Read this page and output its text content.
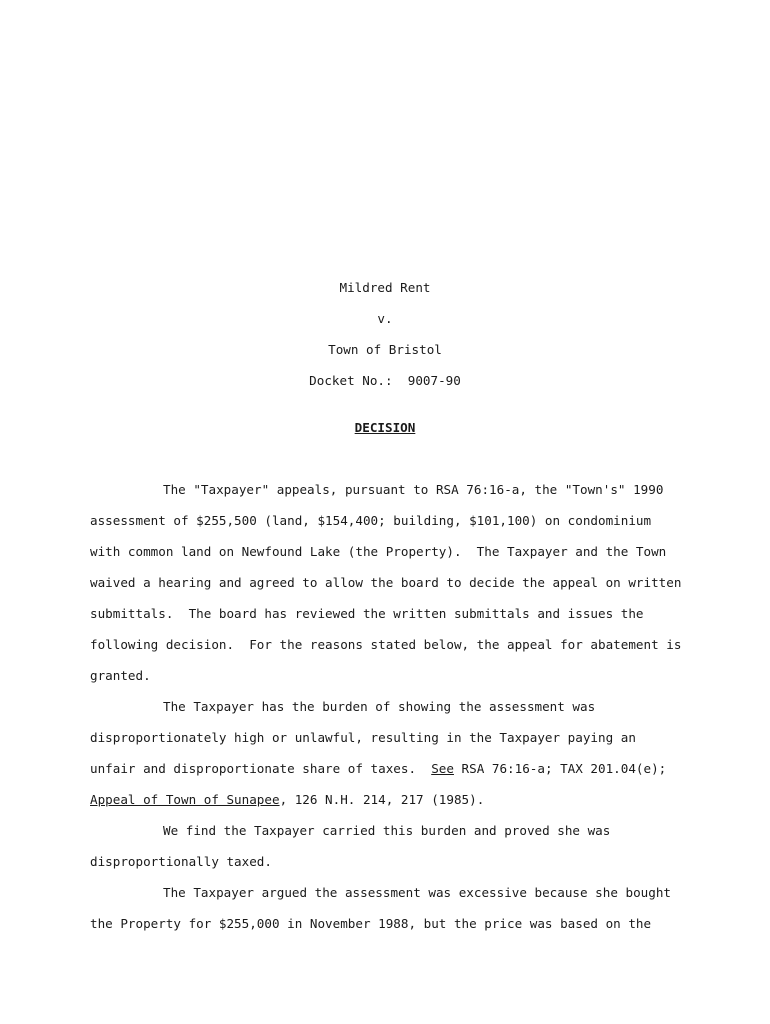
Mildred Rent
v.
Town of Bristol
Docket No.:  9007-90
DECISION
The "Taxpayer" appeals, pursuant to RSA 76:16-a, the "Town's" 1990
assessment of $255,500 (land, $154,400; building, $101,100) on condominium
with common land on Newfound Lake (the Property).  The Taxpayer and the Town
waived a hearing and agreed to allow the board to decide the appeal on written
submittals.  The board has reviewed the written submittals and issues the
following decision.  For the reasons stated below, the appeal for abatement is
granted.
The Taxpayer has the burden of showing the assessment was
disproportionately high or unlawful, resulting in the Taxpayer paying an
unfair and disproportionate share of taxes.  See RSA 76:16-a; TAX 201.04(e);
Appeal of Town of Sunapee, 126 N.H. 214, 217 (1985).
We find the Taxpayer carried this burden and proved she was
disproportionally taxed.
The Taxpayer argued the assessment was excessive because she bought
the Property for $255,000 in November 1988, but the price was based on the
